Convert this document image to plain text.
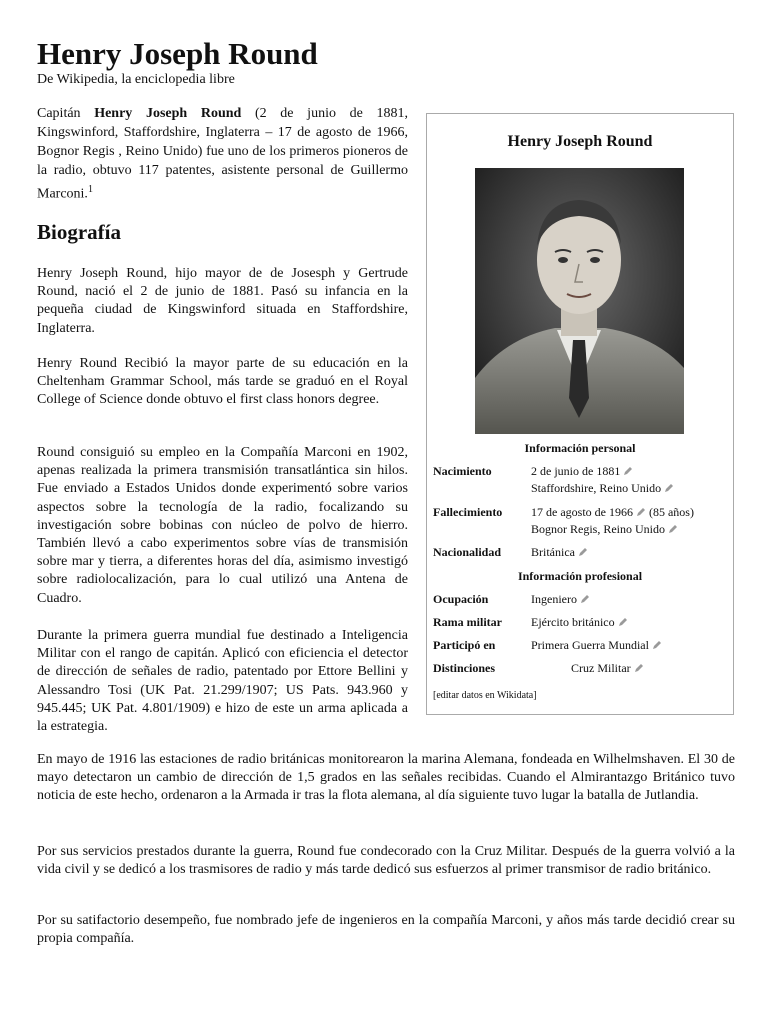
Henry Joseph Round
De Wikipedia, la enciclopedia libre

Capitán Henry Joseph Round (2 de junio de 1881, Kingswinford, Staffordshire, Inglaterra – 17 de agosto de 1966, Bognor Regis , Reino Unido) fue uno de los primeros pioneros de la radio, obtuvo 117 patentes, asistente personal de Guillermo Marconi.$^1$

Biografía

Henry Joseph Round, hijo mayor de de Josesph y Gertrude Round, nació el 2 de junio de 1881. Pasó su infancia en la pequeña ciudad de Kingswinford situada en Staffordshire, Inglaterra.

Henry Round Recibió la mayor parte de su educación en la Cheltenham Grammar School, más tarde se graduó en el Royal College of Science donde obtuvo el first class honors degree.

Round consiguió su empleo en la Compañía Marconi en 1902, apenas realizada la primera transmisión transatlántica sin hilos. Fue enviado a Estados Unidos donde experimentó sobre varios aspectos sobre la tecnología de la radio, focalizando su investigación sobre bobinas con núcleo de polvo de hierro. También llevó a cabo experimentos sobre vías de transmisión sobre mar y tierra, a diferentes horas del día, asimismo investigó sobre radiolocalización, para lo cual utilizó una Antena de Cuadro.

Durante la primera guerra mundial fue destinado a Inteligencia Militar con el rango de capitán. Aplicó con eficiencia el detector de dirección de señales de radio, patentado por Ettore Bellini y Alessandro Tosi (UK Pat. 21.299/1907; US Pats. 943.960 y 945.445; UK Pat. 4.801/1909) e hizo de este un arma aplicada a la estrategia.

En mayo de 1916 las estaciones de radio británicas monitorearon la marina Alemana, fondeada en Wilhelmshaven. El 30 de mayo detectaron un cambio de dirección de 1,5 grados en las señales recibidas. Cuando el Almirantazgo Británico tuvo noticia de este hecho, ordenaron a la Armada ir tras la flota alemana, al día siguiente tuvo lugar la batalla de Jutlandia.

Por sus servicios prestados durante la guerra, Round fue condecorado con la Cruz Militar. Después de la guerra volvió a la vida civil y se dedicó a los trasmisores de radio y más tarde dedicó sus esfuerzos al primer transmisor de radio británico.

Por su satifactorio desempeño, fue nombrado jefe de ingenieros en la compañía Marconi, y años más tarde decidió crear su propia compañía.

Henry Joseph Round
Información personal
Nacimiento	2 de junio de 1881
Staffordshire, Reino Unido
Fallecimiento	17 de agosto de 1966 (85 años)
Bognor Regis, Reino Unido
Nacionalidad	Británica
Información profesional
Ocupación	Ingeniero
Rama militar	Ejército británico
Participó en	Primera Guerra Mundial
Distinciones	Cruz Militar
[editar datos en Wikidata]
